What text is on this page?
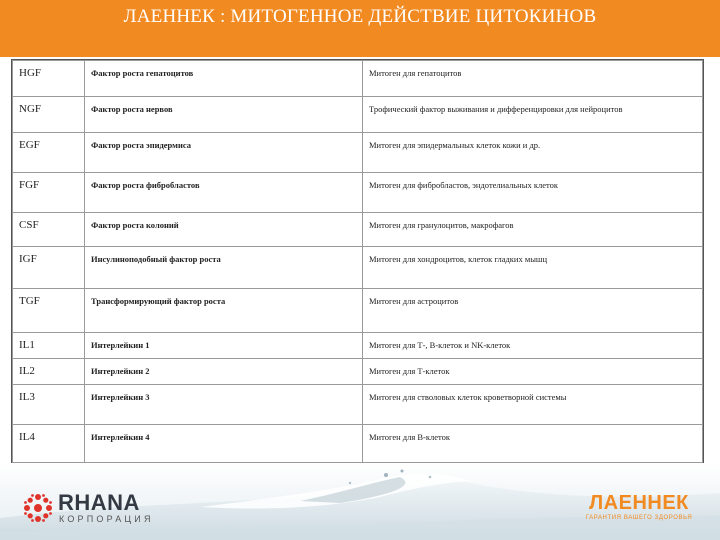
ЛАЕННЕК : МИТОГЕННОЕ ДЕЙСТВИЕ ЦИТОКИНОВ
HGF	Фактор роста гепатоцитов	Митоген для гепатоцитов
NGF	Фактор роста нервов	Трофический фактор выживания и дифференцировки для нейроцитов
EGF	Фактор роста эпидермиса	Митоген для эпидермальных клеток кожи и др.
FGF	Фактор роста фибробластов	Митоген для фибробластов, эндотелиальных клеток
CSF	Фактор роста колоний	Митоген для гранулоцитов, макрофагов
IGF	Инсулиноподобный фактор роста	Митоген для хондроцитов, клеток гладких мышц
TGF	Трансформирующий фактор роста	Митоген для астроцитов
IL1	Интерлейкин 1	Митоген для Т-, В-клеток и NK-клеток
IL2	Интерлейкин 2	Митоген для Т-клеток
IL3	Интерлейкин 3	Митоген для стволовых клеток кроветворной системы
IL4	Интерлейкин 4	Митоген для В-клеток
RHANA
КОРПОРАЦИЯ
ЛАЕННЕК
ГАРАНТИЯ ВАШЕГО ЗДОРОВЬЯ
